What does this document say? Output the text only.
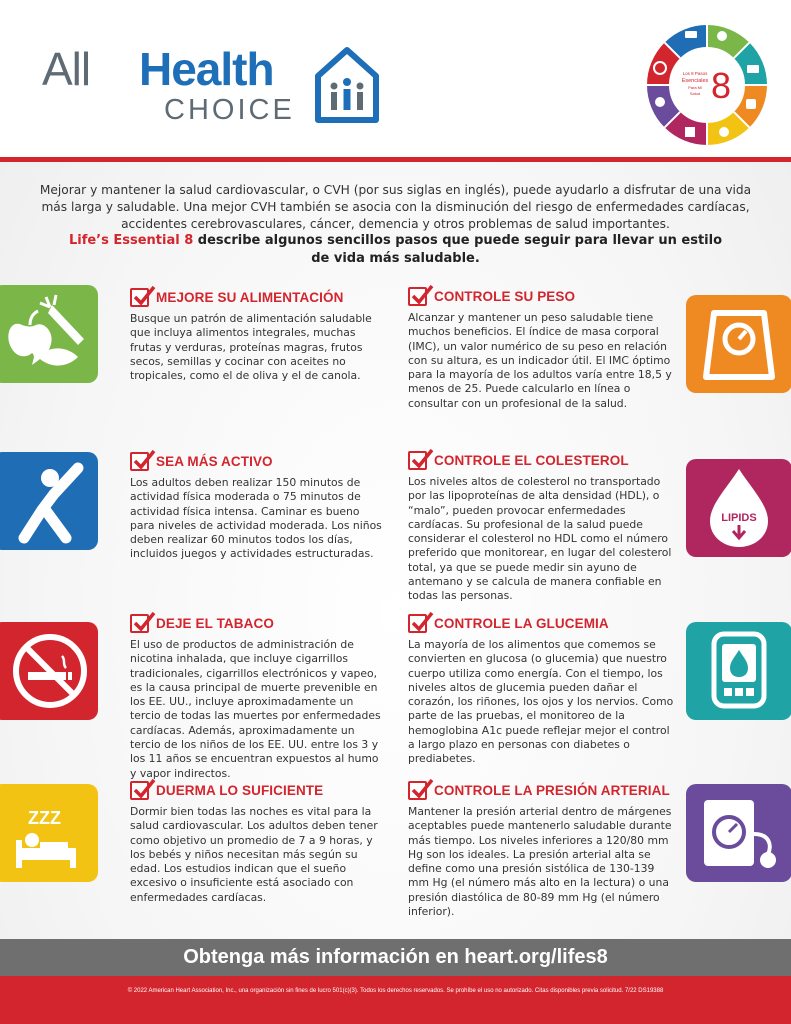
All Health
CHOICE
Los 8 Pasos
Esenciales
Para Mi
Salud 8

Mejorar y mantener la salud cardiovascular, o CVH (por sus siglas en inglés), puede ayudarlo a disfrutar de una vida más larga y saludable. Una mejor CVH también se asocia con la disminución del riesgo de enfermedades cardíacas, accidentes cerebrovasculares, cáncer, demencia y otros problemas de salud importantes.

Life’s Essential 8 describe algunos sencillos pasos que puede seguir para llevar un estilo de vida más saludable.

ZZZ
LIPIDS
MEJORE SU ALIMENTACIÓN

Busque un patrón de alimentación saludable que incluya alimentos integrales, muchas frutas y verduras, proteínas magras, frutos secos, semillas y cocinar con aceites no tropicales, como el de oliva y el de canola.

SEA MÁS ACTIVO

Los adultos deben realizar 150 minutos de actividad física moderada o 75 minutos de actividad física intensa. Caminar es bueno para niveles de actividad moderada. Los niños deben realizar 60 minutos todos los días, incluidos juegos y actividades estructuradas.

DEJE EL TABACO

El uso de productos de administración de nicotina inhalada, que incluye cigarrillos tradicionales, cigarrillos electrónicos y vapeo, es la causa principal de muerte prevenible en los EE. UU., incluye aproximadamente un tercio de todas las muertes por enfermedades cardíacas. Además, aproximadamente un tercio de los niños de los EE. UU. entre los 3 y los 11 años se encuentran expuestos al humo y vapor indirectos.

DUERMA LO SUFICIENTE

Dormir bien todas las noches es vital para la salud cardiovascular. Los adultos deben tener como objetivo un promedio de 7 a 9 horas, y los bebés y niños necesitan más según su edad. Los estudios indican que el sueño excesivo o insuficiente está asociado con enfermedades cardíacas.

CONTROLE SU PESO

Alcanzar y mantener un peso saludable tiene muchos beneficios. El índice de masa corporal (IMC), un valor numérico de su peso en relación con su altura, es un indicador útil. El IMC óptimo para la mayoría de los adultos varía entre 18,5 y menos de 25. Puede calcularlo en línea o consultar con un profesional de la salud.

CONTROLE EL COLESTEROL

Los niveles altos de colesterol no transportado por las lipoproteínas de alta densidad (HDL), o “malo”, pueden provocar enfermedades cardíacas. Su profesional de la salud puede considerar el colesterol no HDL como el número preferido que monitorear, en lugar del colesterol total, ya que se puede medir sin ayuno de antemano y se calcula de manera confiable en todas las personas.

CONTROLE LA GLUCEMIA

La mayoría de los alimentos que comemos se convierten en glucosa (o glucemia) que nuestro cuerpo utiliza como energía. Con el tiempo, los niveles altos de glucemia pueden dañar el corazón, los riñones, los ojos y los nervios. Como parte de las pruebas, el monitoreo de la hemoglobina A1c puede reflejar mejor el control a largo plazo en personas con diabetes o prediabetes.

CONTROLE LA PRESIÓN ARTERIAL

Mantener la presión arterial dentro de márgenes aceptables puede mantenerlo saludable durante más tiempo. Los niveles inferiores a 120/80 mm Hg son los ideales. La presión arterial alta se define como una presión sistólica de 130-139 mm Hg (el número más alto en la lectura) o una presión diastólica de 80-89 mm Hg (el número inferior).

Obtenga más información en heart.org/lifes8
© 2022 American Heart Association, Inc., una organización sin fines de lucro 501(c)(3). Todos los derechos reservados. Se prohíbe el uso no autorizado. Citas disponibles previa solicitud. 7/22 DS19388
